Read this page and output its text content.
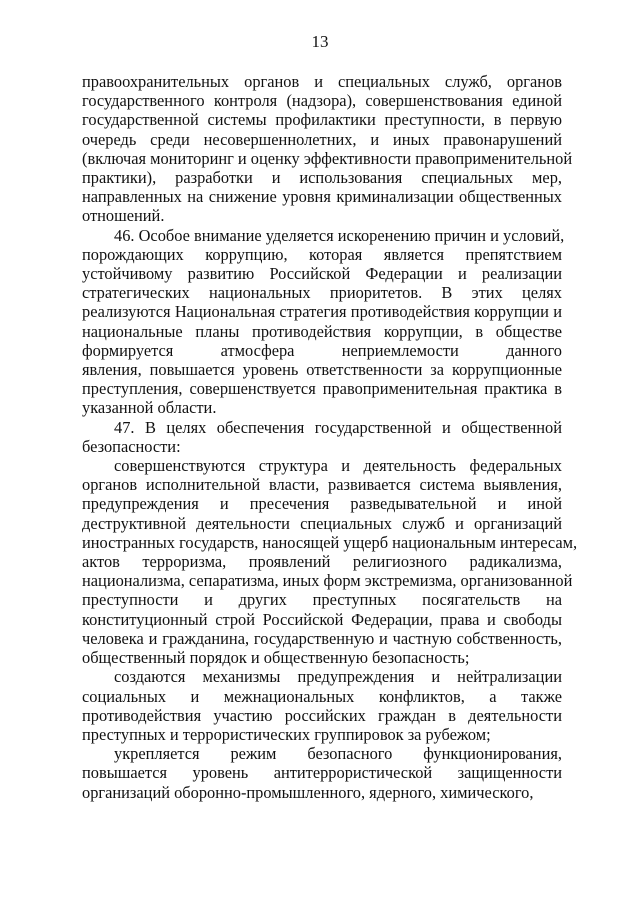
13
правоохранительных органов и специальных служб, органов
государственного контроля (надзора), совершенствования единой
государственной системы профилактики преступности, в первую
очередь среди несовершеннолетних, и иных правонарушений
(включая мониторинг и оценку эффективности правоприменительной
практики), разработки и использования специальных мер,
направленных на снижение уровня криминализации общественных
отношений.
46. Особое внимание уделяется искоренению причин и условий,
порождающих коррупцию, которая является препятствием
устойчивому развитию Российской Федерации и реализации
стратегических национальных приоритетов. В этих целях
реализуются Национальная стратегия противодействия коррупции и
национальные планы противодействия коррупции, в обществе
формируется атмосфера неприемлемости данного
явления, повышается уровень ответственности за коррупционные
преступления, совершенствуется правоприменительная практика в
указанной области.
47. В целях обеспечения государственной и общественной
безопасности:
совершенствуются структура и деятельность федеральных
органов исполнительной власти, развивается система выявления,
предупреждения и пресечения разведывательной и иной
деструктивной деятельности специальных служб и организаций
иностранных государств, наносящей ущерб национальным интересам,
актов терроризма, проявлений религиозного радикализма,
национализма, сепаратизма, иных форм экстремизма, организованной
преступности и других преступных посягательств на
конституционный строй Российской Федерации, права и свободы
человека и гражданина, государственную и частную собственность,
общественный порядок и общественную безопасность;
создаются механизмы предупреждения и нейтрализации
социальных и межнациональных конфликтов, а также
противодействия участию российских граждан в деятельности
преступных и террористических группировок за рубежом;
укрепляется режим безопасного функционирования,
повышается уровень антитеррористической защищенности
организаций оборонно-промышленного, ядерного, химического,
